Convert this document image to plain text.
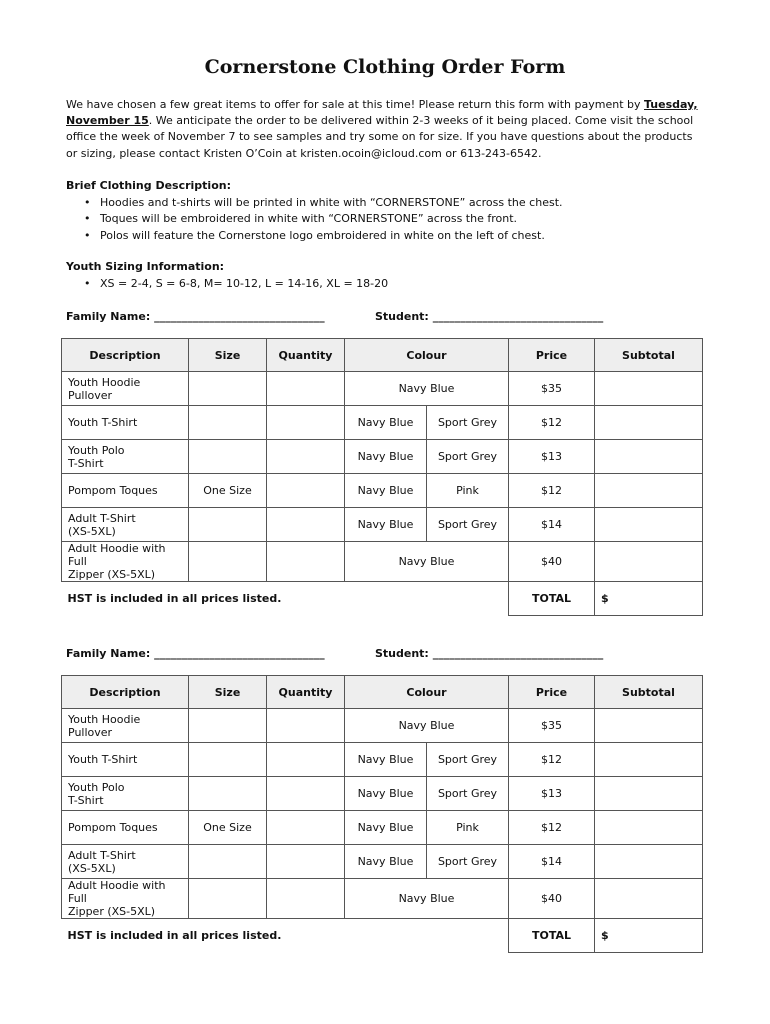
Cornerstone Clothing Order Form
We have chosen a few great items to offer for sale at this time! Please return this form with payment by Tuesday, November 15. We anticipate the order to be delivered within 2-3 weeks of it being placed. Come visit the school office the week of November 7 to see samples and try some on for size. If you have questions about the products or sizing, please contact Kristen O’Coin at kristen.ocoin@icloud.com or 613-243-6542.
Brief Clothing Description:
• Hoodies and t-shirts will be printed in white with “CORNERSTONE” across the chest.
• Toques will be embroidered in white with “CORNERSTONE” across the front.
• Polos will feature the Cornerstone logo embroidered in white on the left of chest.
Youth Sizing Information:
• XS = 2-4, S = 6-8, M= 10-12, L = 14-16, XL = 18-20
Family Name: _______________________________	Student: _______________________________
Description	Size	Quantity	Colour		Price	Subtotal
Youth Hoodie
Pullover			Navy Blue		$35	
Youth T-Shirt			Navy Blue	Sport Grey	$12	
Youth Polo
T-Shirt			Navy Blue	Sport Grey	$13	
Pompom Toques	One Size		Navy Blue	Pink	$12	
Adult T-Shirt
(XS-5XL)			Navy Blue	Sport Grey	$14	
Adult Hoodie with Full
Zipper (XS-5XL)			Navy Blue		$40	
HST is included in all prices listed.					TOTAL	$
Family Name: _______________________________	Student: _______________________________
Description	Size	Quantity	Colour		Price	Subtotal
Youth Hoodie
Pullover			Navy Blue		$35	
Youth T-Shirt			Navy Blue	Sport Grey	$12	
Youth Polo
T-Shirt			Navy Blue	Sport Grey	$13	
Pompom Toques	One Size		Navy Blue	Pink	$12	
Adult T-Shirt
(XS-5XL)			Navy Blue	Sport Grey	$14	
Adult Hoodie with Full
Zipper (XS-5XL)			Navy Blue		$40	
HST is included in all prices listed.					TOTAL	$
